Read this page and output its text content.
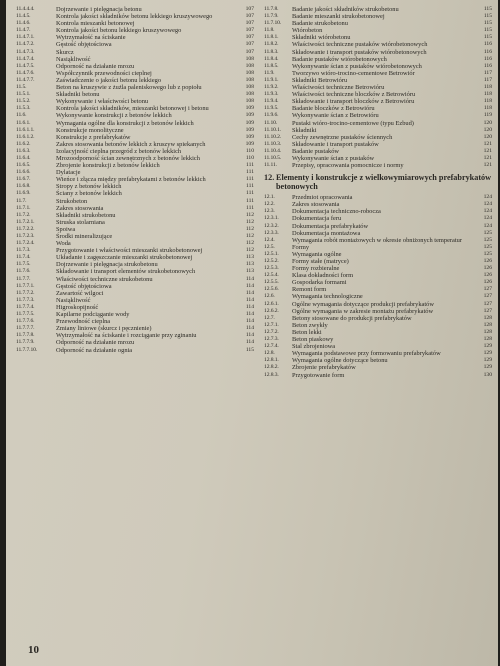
11.4.4.4.	Dojrzewanie i pielęgnacja betonu	107
11.4.5.	Kontrola jakości składników betonu lekkiego kruszywowego	107
11.4.6.	Kontrola mieszanki betonowej	107
11.4.7.	Kontrola jakości betonu lekkiego kruszywowego	107
11.4.7.1.	Wytrzymałość na ściskanie	107
11.4.7.2.	Gęstość objętościowa	107
11.4.7.3.	Skurcz	107
11.4.7.4.	Nasiąkliwość	108
11.4.7.5.	Odporność na działanie mrozu	108
11.4.7.6.	Współczynnik przewodności cieplnej	108
11.4.7.7.	Zaświadczenie o jakości betonu lekkiego	108
11.5.	Beton na kruszywie z żużla paleniskowego lub z popiołu	108
11.5.1.	Składniki betonu	108
11.5.2.	Wykonywanie i właściwości betonu	108
11.5.3.	Kontrola jakości składników, mieszanki betonowej i betonu	109
11.6.	Wykonywanie konstrukcji z betonów lekkich	109
11.6.1.	Wymagania ogólne dla konstrukcji z betonów lekkich	109
11.6.1.1.	Konstrukcje monolityczne	109
11.6.1.2.	Konstrukcje z prefabrykatów	109
11.6.2.	Zakres stosowania betonów lekkich z kruszyw spiekanych	109
11.6.3.	Izolacyjność cieplna przegród z betonów lekkich	110
11.6.4.	Mrozoodporność ścian zewnętrznych z betonów lekkich	110
11.6.5.	Zbrojenie konstrukcji z betonów lekkich	111
11.6.6.	Dylatacje	111
11.6.7.	Wieńce i złącza między prefabrykatami z betonów lekkich	111
11.6.8.	Stropy z betonów lekkich	111
11.6.9.	Ściany z betonów lekkich	111
11.7.	Strukobeton	111
11.7.1.	Zakres stosowania	111
11.7.2.	Składniki strukobetonu	112
11.7.2.1.	Struska stolarniana	112
11.7.2.2.	Spoiwa	112
11.7.2.3.	Środki mineralizujące	112
11.7.2.4.	Woda	112
11.7.3.	Przygotowanie i właściwości mieszanki strukobetonowej	112
11.7.4.	Układanie i zagęszczanie mieszanki strukobetonowej	113
11.7.5.	Dojrzewanie i pielęgnacja strukobetonu	113
11.7.6.	Składowanie i transport elementów strukobetonowych	113
11.7.7.	Właściwości techniczne strukobetonu	114
11.7.7.1.	Gęstość objętościowa	114
11.7.7.2.	Zawartość wilgoci	114
11.7.7.3.	Nasiąkliwość	114
11.7.7.4.	Higroskopijność	114
11.7.7.5.	Kapilarne podciąganie wody	114
11.7.7.6.	Przewodność cieplna	114
11.7.7.7.	Zmiany liniowe (skurcz i pęcznienie)	114
11.7.7.8.	Wytrzymałość na ściskanie i rozciąganie przy zginaniu	114
11.7.7.9.	Odporność na działanie mrozu	114
11.7.7.10.	Odporność na działanie ognia	115
11.7.8.	Badanie jakości składników strukobetonu	115
11.7.9.	Badanie mieszanki strukobetonowej	115
11.7.10.	Badanie strukobetonu	115
11.8.	Wiórobeton	115
11.8.1.	Składniki wiórobetonu	115
11.8.2.	Właściwości techniczne pustaków wiórobetonowych	116
11.8.3.	Składowanie i transport pustaków wiórobetonowych	116
11.8.4.	Badanie pustaków wiórobetonowych	116
11.8.5.	Wykonywanie ścian z pustaków wiórobetonowych	116
11.9.	Tworzywo wióro-trocino-cementowe Betrowiór	117
11.9.1.	Składniki Betrowióru	117
11.9.2.	Właściwości techniczne Betrowióru	118
11.9.3.	Właściwości techniczne bloczków z Betrowióru	118
11.9.4.	Składowanie i transport bloczków z Betrowióru	118
11.9.5.	Badanie bloczków z Betrowióru	118
11.9.6.	Wykonywanie ścian z Betrowióru	119
11.10.	Pustaki wióro-trocino-cementowe (typu Ezbud)	120
11.10.1.	Składniki	120
11.10.2.	Cechy zewnętrzne pustaków ściennych	120
11.10.3.	Składowanie i transport pustaków	121
11.10.4.	Badanie pustaków	121
11.10.5.	Wykonywanie ścian z pustaków	121
11.11.	Przepisy, opracowania pomocnicze i normy	121
12. Elementy i konstrukcje z wielkowymiarowych prefabrykatów betonowych
12.1.	Przedmiot opracowania	124
12.2.	Zakres stosowania	124
12.3.	Dokumentacja techniczno-robocza	124
12.3.1.	Dokumentacja feru	124
12.3.2.	Dokumentacja prefabrykatów	124
12.3.3.	Dokumentacja montażowa	125
12.4.	Wymagania robót montażowych w okresie obniżonych temperatur	125
12.5.	Formy	125
12.5.1.	Wymagania ogólne	125
12.5.2.	Formy stałe (matryce)	126
12.5.3.	Formy rozbieralne	126
12.5.4.	Klasa dokładności form	126
12.5.5.	Gospodarka formami	126
12.5.6.	Remont form	127
12.6.	Wymagania technologiczne	127
12.6.1.	Ogólne wymagania dotyczące produkcji prefabrykatów	127
12.6.2.	Ogólne wymagania w zakresie montażu prefabrykatów	127
12.7.	Betony stosowane do produkcji prefabrykatów	128
12.7.1.	Beton zwykły	128
12.7.2.	Beton lekki	128
12.7.3.	Beton piaskowy	128
12.7.4.	Stal zbrojeniowa	129
12.8.	Wymagania podstawowe przy formowaniu prefabrykatów	129
12.8.1.	Wymagania ogólne dotyczące betonu	129
12.8.2.	Zbrojenie prefabrykatów	129
12.8.3.	Przygotowanie form	130
10
